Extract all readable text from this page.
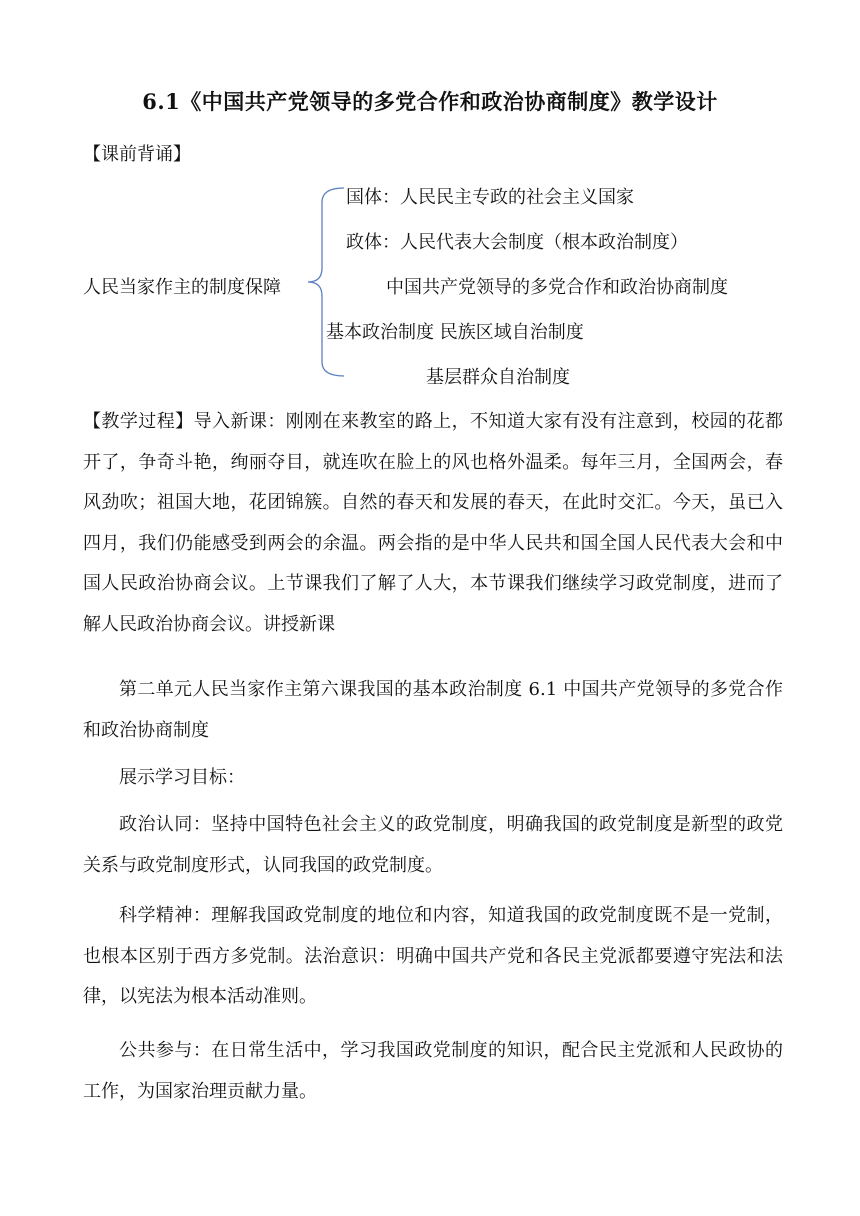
6.1《中国共产党领导的多党合作和政治协商制度》教学设计
【课前背诵】
人民当家作主的制度保障
国体：人民民主专政的社会主义国家
政体：人民代表大会制度（根本政治制度）
中国共产党领导的多党合作和政治协商制度
基本政治制度 民族区域自治制度
基层群众自治制度
【教学过程】导入新课：刚刚在来教室的路上，不知道大家有没有注意到，校园的花都开了，争奇斗艳，绚丽夺目，就连吹在脸上的风也格外温柔。每年三月，全国两会，春风劲吹；祖国大地，花团锦簇。自然的春天和发展的春天，在此时交汇。今天，虽已入四月，我们仍能感受到两会的余温。两会指的是中华人民共和国全国人民代表大会和中国人民政治协商会议。上节课我们了解了人大，本节课我们继续学习政党制度，进而了解人民政治协商会议。讲授新课
第二单元人民当家作主第六课我国的基本政治制度 6.1 中国共产党领导的多党合作和政治协商制度
展示学习目标：
政治认同：坚持中国特色社会主义的政党制度，明确我国的政党制度是新型的政党关系与政党制度形式，认同我国的政党制度。
科学精神：理解我国政党制度的地位和内容，知道我国的政党制度既不是一党制，也根本区别于西方多党制。法治意识：明确中国共产党和各民主党派都要遵守宪法和法律，以宪法为根本活动准则。
公共参与：在日常生活中，学习我国政党制度的知识，配合民主党派和人民政协的工作，为国家治理贡献力量。
